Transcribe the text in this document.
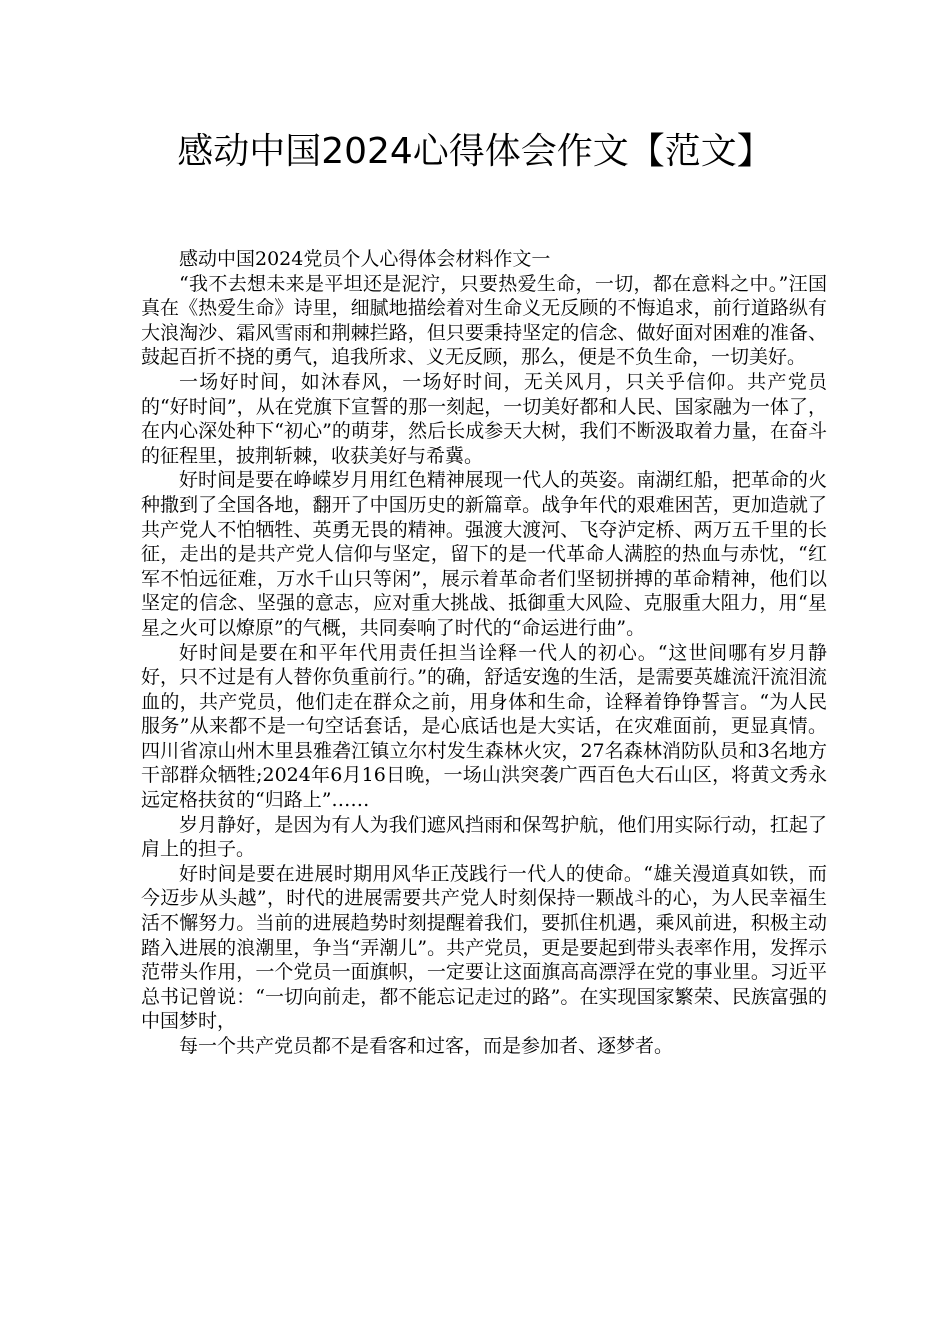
感动中国2024心得体会作文【范文】

感动中国2024党员个人心得体会材料作文一

“我不去想未来是平坦还是泥泞，只要热爱生命，一切，都在意料之中。”汪国真在《热爱生命》诗里，细腻地描绘着对生命义无反顾的不悔追求，前行道路纵有大浪淘沙、霜风雪雨和荆棘拦路，但只要秉持坚定的信念、做好面对困难的准备、鼓起百折不挠的勇气，追我所求、义无反顾，那么，便是不负生命，一切美好。

一场好时间，如沐春风，一场好时间，无关风月，只关乎信仰。共产党员的“好时间”，从在党旗下宣誓的那一刻起，一切美好都和人民、国家融为一体了，在内心深处种下“初心”的萌芽，然后长成参天大树，我们不断汲取着力量，在奋斗的征程里，披荆斩棘，收获美好与希冀。

好时间是要在峥嵘岁月用红色精神展现一代人的英姿。南湖红船，把革命的火种撒到了全国各地，翻开了中国历史的新篇章。战争年代的艰难困苦，更加造就了共产党人不怕牺牲、英勇无畏的精神。强渡大渡河、飞夺泸定桥、两万五千里的长征，走出的是共产党人信仰与坚定，留下的是一代革命人满腔的热血与赤忱，“红军不怕远征难，万水千山只等闲”，展示着革命者们坚韧拼搏的革命精神，他们以坚定的信念、坚强的意志，应对重大挑战、抵御重大风险、克服重大阻力，用“星星之火可以燎原”的气概，共同奏响了时代的“命运进行曲”。

好时间是要在和平年代用责任担当诠释一代人的初心。“这世间哪有岁月静好，只不过是有人替你负重前行。”的确，舒适安逸的生活，是需要英雄流汗流泪流血的，共产党员，他们走在群众之前，用身体和生命，诠释着铮铮誓言。“为人民服务”从来都不是一句空话套话，是心底话也是大实话，在灾难面前，更显真情。四川省凉山州木里县雅砻江镇立尔村发生森林火灾，27名森林消防队员和3名地方干部群众牺牲;2024年6月16日晚，一场山洪突袭广西百色大石山区，将黄文秀永远定格扶贫的“归路上”……

岁月静好，是因为有人为我们遮风挡雨和保驾护航，他们用实际行动，扛起了肩上的担子。

好时间是要在进展时期用风华正茂践行一代人的使命。“雄关漫道真如铁，而今迈步从头越”，时代的进展需要共产党人时刻保持一颗战斗的心，为人民幸福生活不懈努力。当前的进展趋势时刻提醒着我们，要抓住机遇，乘风前进，积极主动踏入进展的浪潮里，争当“弄潮儿”。共产党员，更是要起到带头表率作用，发挥示范带头作用，一个党员一面旗帜，一定要让这面旗高高漂浮在党的事业里。习近平总书记曾说：“一切向前走，都不能忘记走过的路”。在实现国家繁荣、民族富强的中国梦时，

每一个共产党员都不是看客和过客，而是参加者、逐梦者。
